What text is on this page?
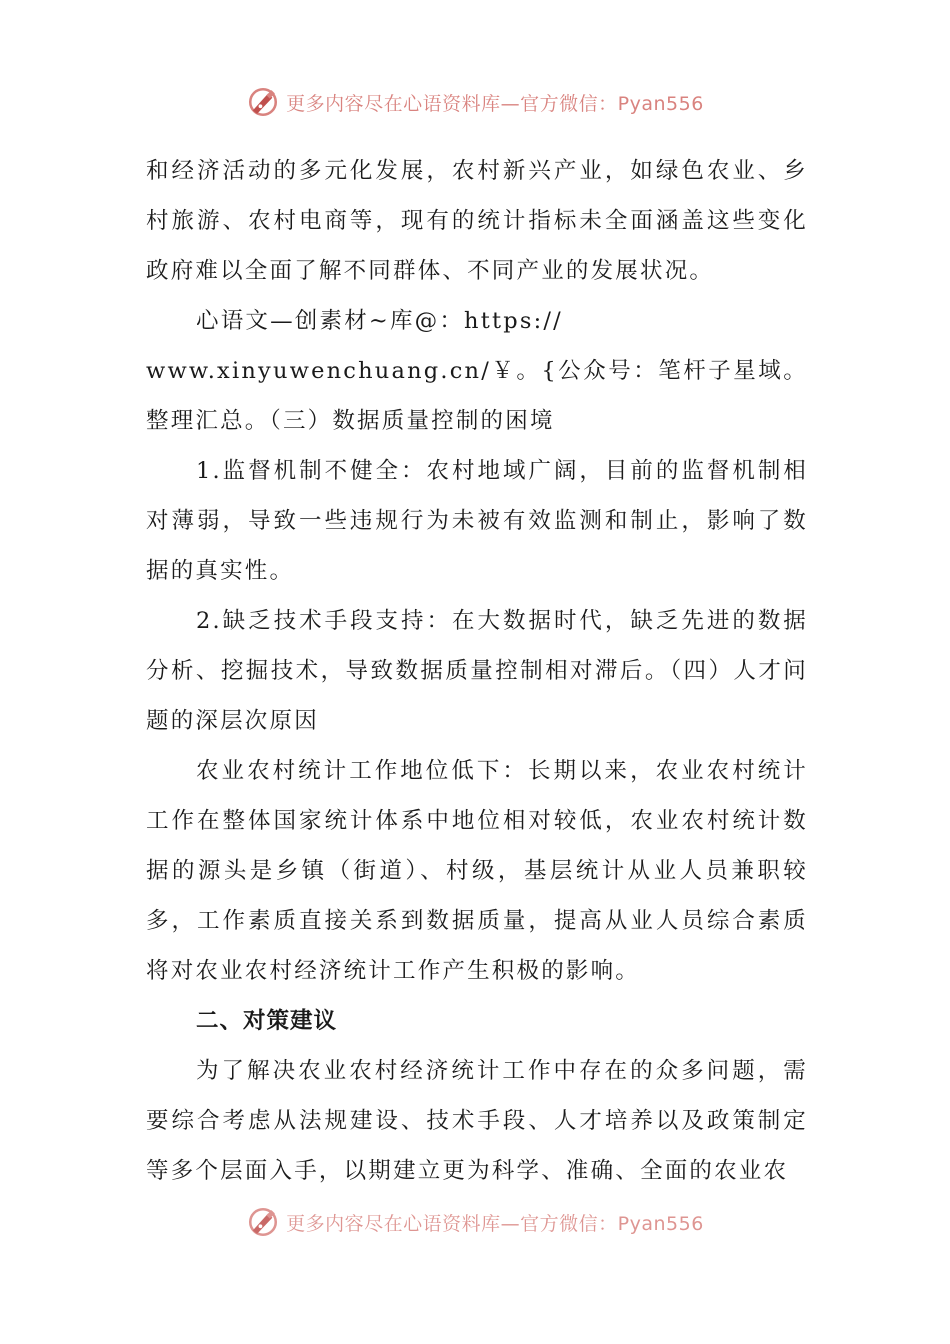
更多内容尽在心语资料库—官方微信：Pyan556

和经济活动的多元化发展，农村新兴产业，如绿色农业、乡村旅游、农村电商等，现有的统计指标未全面涵盖这些变化政府难以全面了解不同群体、不同产业的发展状况。

心语文—创素材~库@：https://

www.xinyuwenchuang.cn/￥。{公众号：笔杆子星域。整理汇总。（三）数据质量控制的困境

1.监督机制不健全：农村地域广阔，目前的监督机制相对薄弱，导致一些违规行为未被有效监测和制止，影响了数据的真实性。

2.缺乏技术手段支持：在大数据时代，缺乏先进的数据分析、挖掘技术，导致数据质量控制相对滞后。（四）人才问题的深层次原因

农业农村统计工作地位低下：长期以来，农业农村统计工作在整体国家统计体系中地位相对较低，农业农村统计数据的源头是乡镇（街道）、村级，基层统计从业人员兼职较多，工作素质直接关系到数据质量，提高从业人员综合素质将对农业农村经济统计工作产生积极的影响。

二、对策建议

为了解决农业农村经济统计工作中存在的众多问题，需要综合考虑从法规建设、技术手段、人才培养以及政策制定等多个层面入手，以期建立更为科学、准确、全面的农业农

更多内容尽在心语资料库—官方微信：Pyan556
